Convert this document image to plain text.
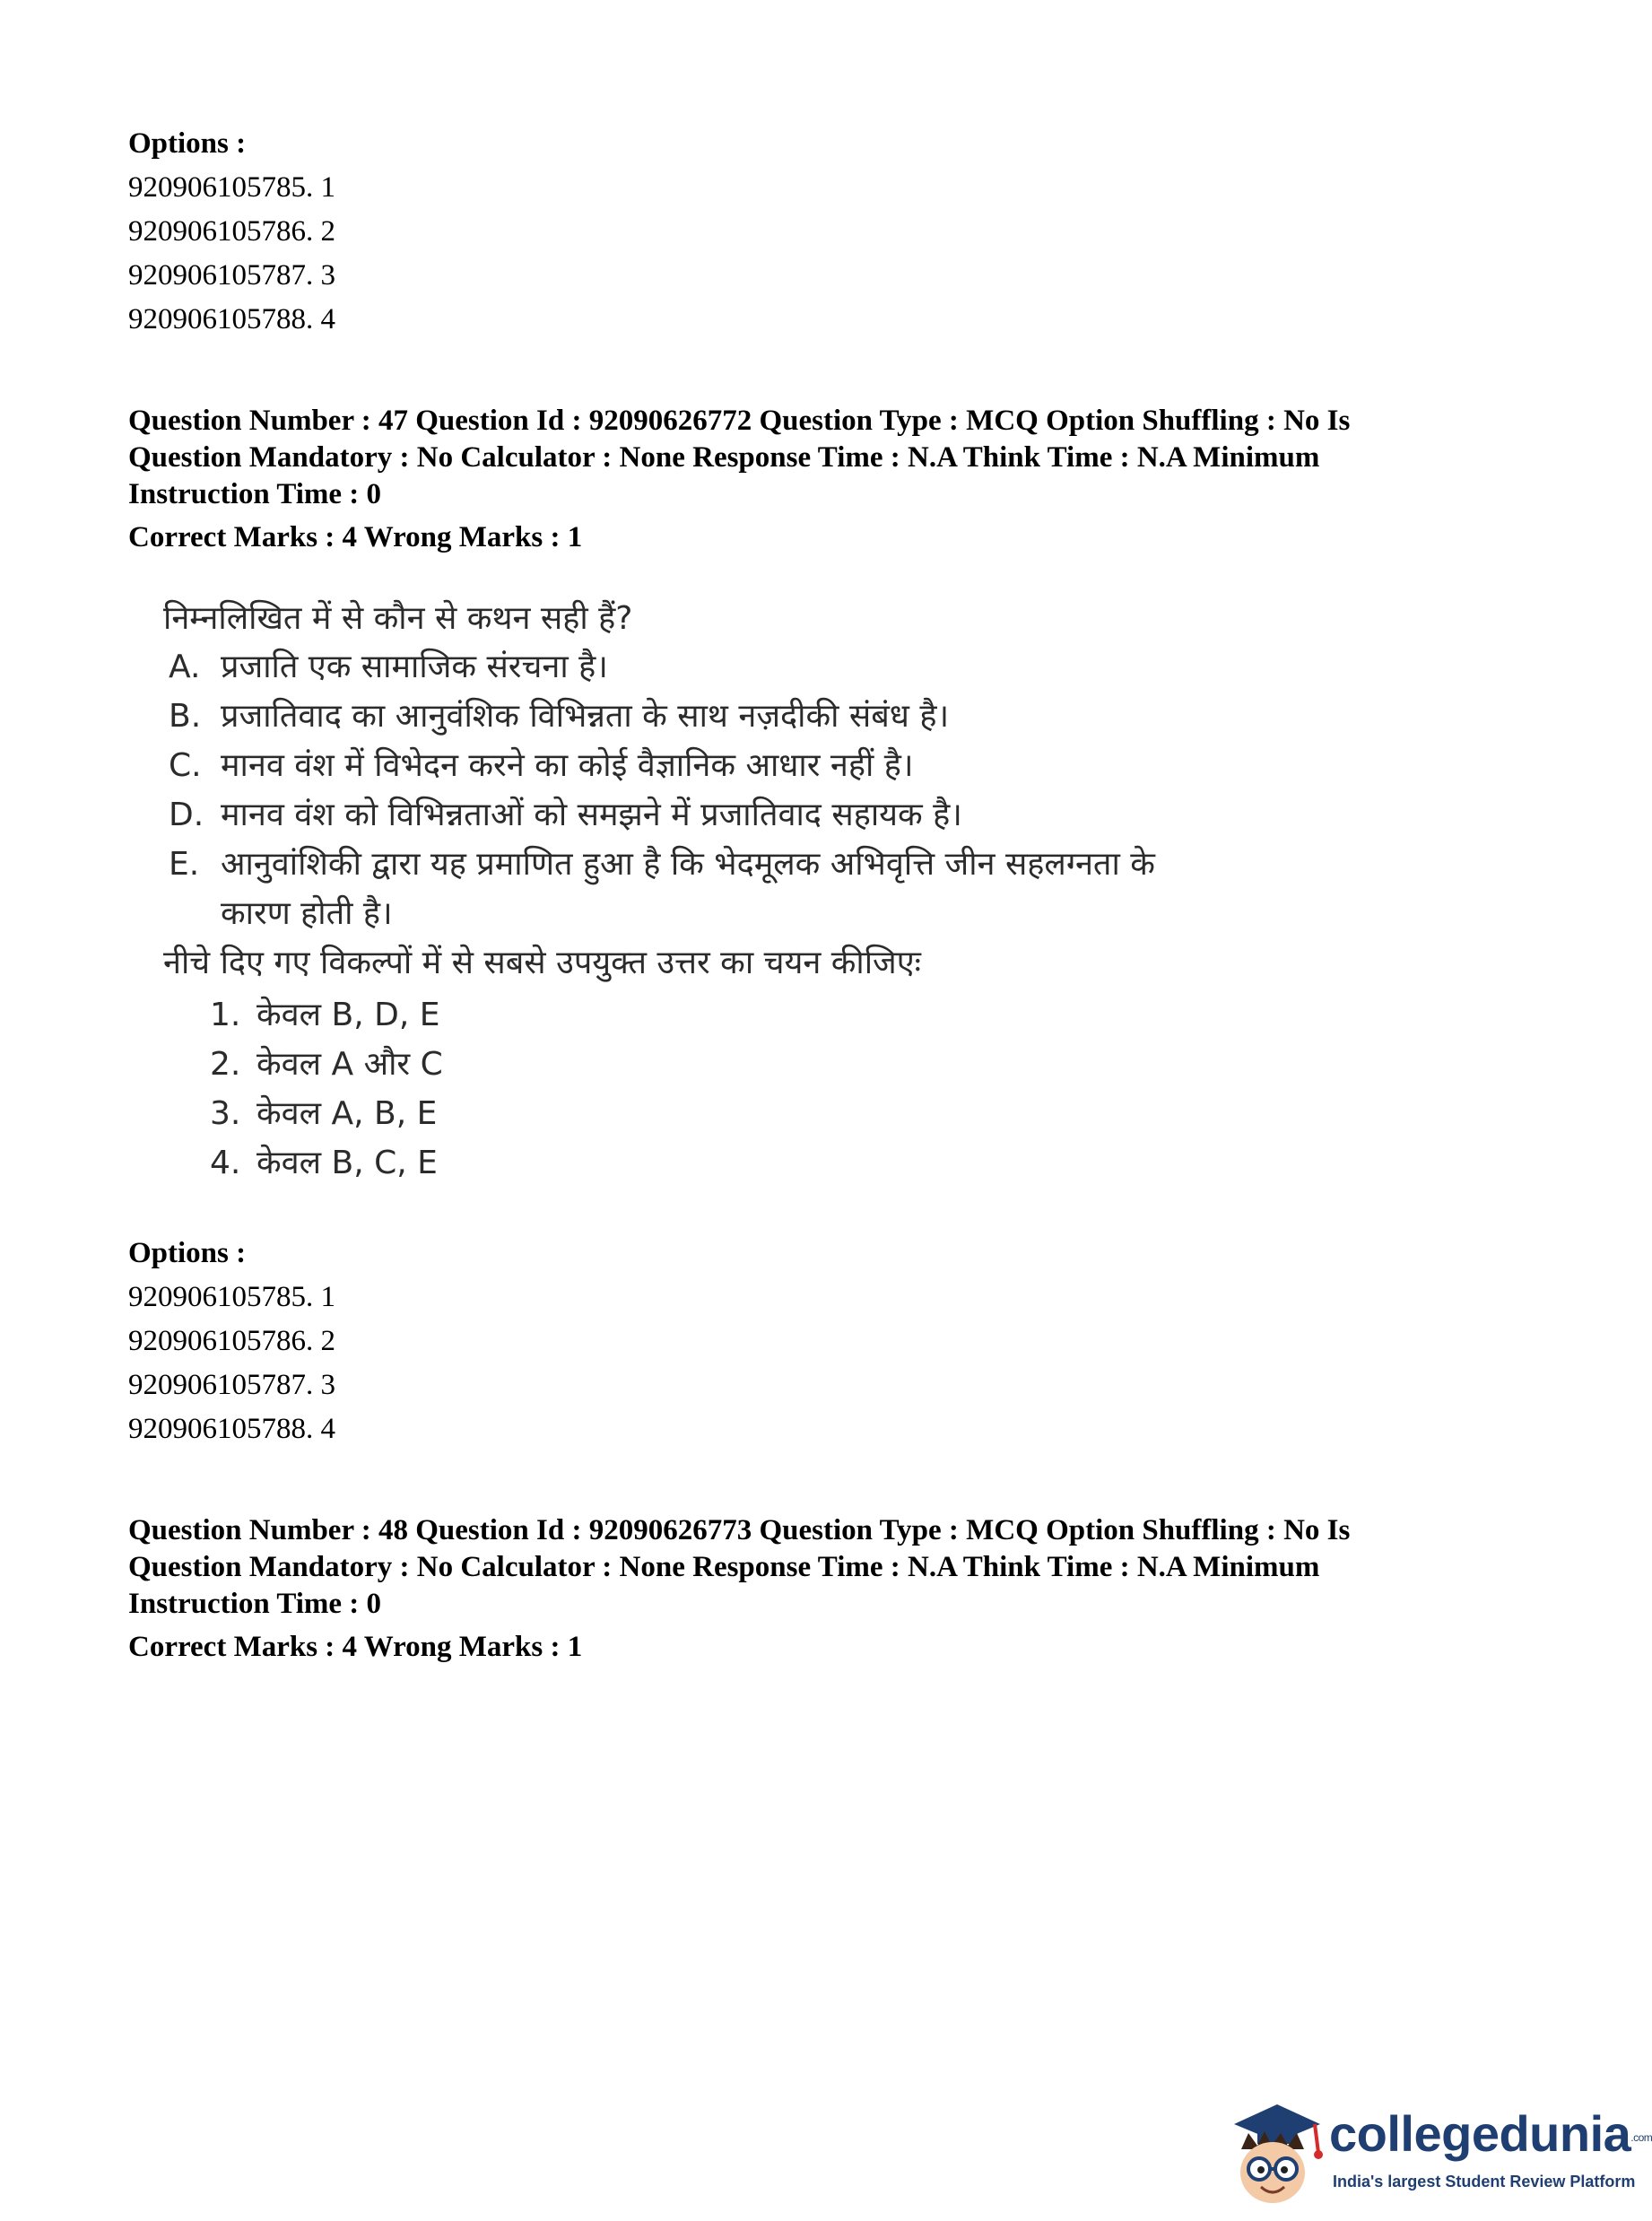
Options :
920906105785. 1
920906105786. 2
920906105787. 3
920906105788. 4
Question Number : 47 Question Id : 92090626772 Question Type : MCQ Option Shuffling : No Is
Question Mandatory : No Calculator : None Response Time : N.A Think Time : N.A Minimum
Instruction Time : 0
Correct Marks : 4 Wrong Marks : 1
निम्नलिखित में से कौन से कथन सही हैं?
A. प्रजाति एक सामाजिक संरचना है।
B. प्रजातिवाद का आनुवंशिक विभिन्नता के साथ नज़दीकी संबंध है।
C. मानव वंश में विभेदन करने का कोई वैज्ञानिक आधार नहीं है।
D. मानव वंश को विभिन्नताओं को समझने में प्रजातिवाद सहायक है।
E. आनुवांशिकी द्वारा यह प्रमाणित हुआ है कि भेदमूलक अभिवृत्ति जीन सहलग्नता के
कारण होती है।
नीचे दिए गए विकल्पों में से सबसे उपयुक्त उत्तर का चयन कीजिएः
1. केवल B, D, E
2. केवल A और C
3. केवल A, B, E
4. केवल B, C, E
Options :
920906105785. 1
920906105786. 2
920906105787. 3
920906105788. 4
Question Number : 48 Question Id : 92090626773 Question Type : MCQ Option Shuffling : No Is
Question Mandatory : No Calculator : None Response Time : N.A Think Time : N.A Minimum
Instruction Time : 0
Correct Marks : 4 Wrong Marks : 1
collegedunia$^{.com}$
India's largest Student Review Platform
